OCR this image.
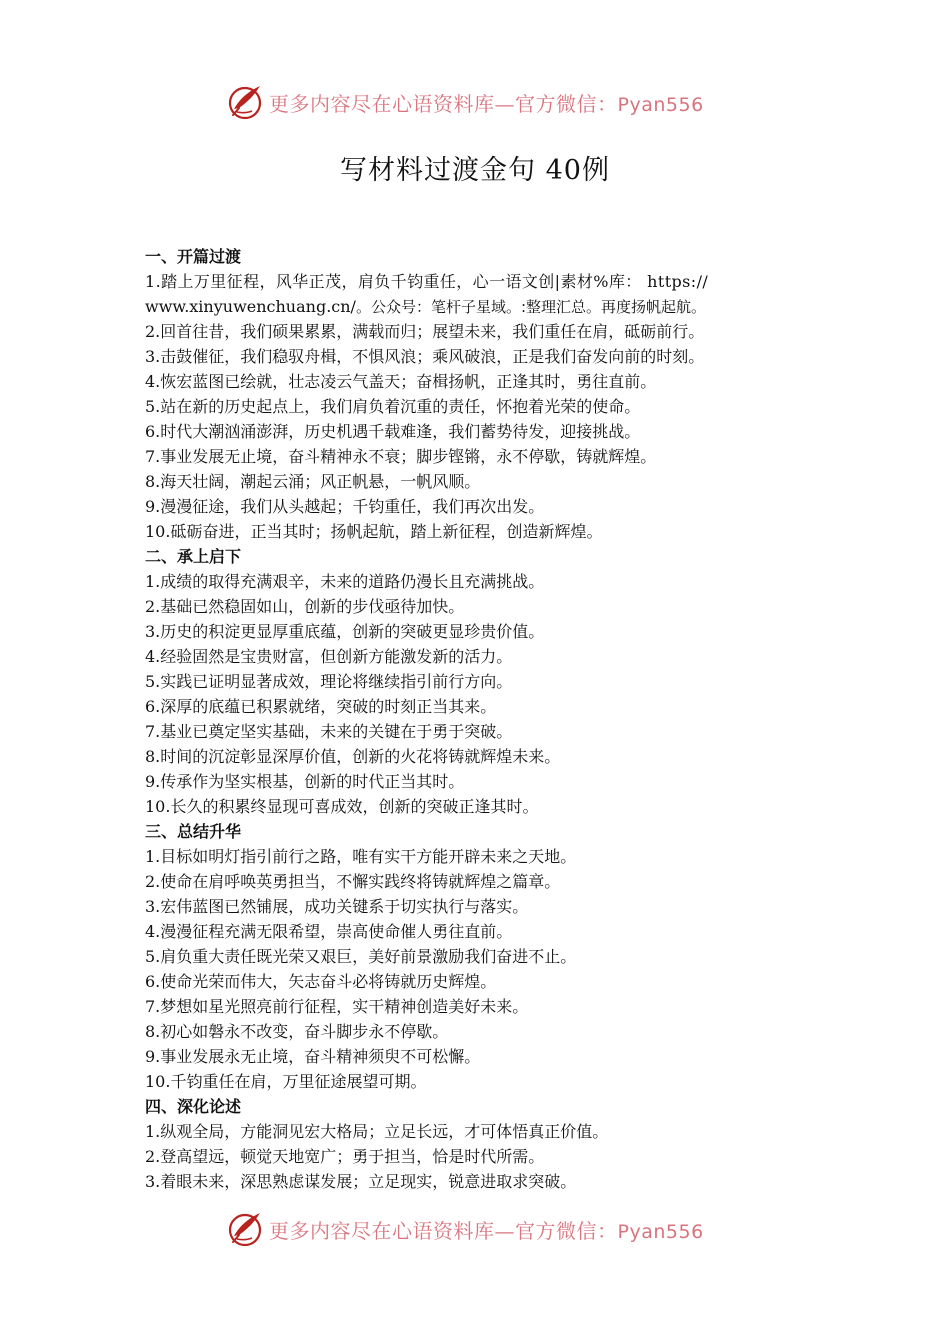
更多内容尽在心语资料库—官方微信：Pyan556
写材料过渡金句 40例
一、开篇过渡
1.踏上万里征程，风华正茂，肩负千钧重任，心一语文创|素材%库： https://
www.xinyuwenchuang.cn/。公众号：笔杆子星域。:整理汇总。再度扬帆起航。
2.回首往昔，我们硕果累累，满载而归；展望未来，我们重任在肩，砥砺前行。
3.击鼓催征，我们稳驭舟楫，不惧风浪；乘风破浪，正是我们奋发向前的时刻。
4.恢宏蓝图已绘就，壮志凌云气盖天；奋楫扬帆，正逢其时，勇往直前。
5.站在新的历史起点上，我们肩负着沉重的责任，怀抱着光荣的使命。
6.时代大潮汹涌澎湃，历史机遇千载难逢，我们蓄势待发，迎接挑战。
7.事业发展无止境，奋斗精神永不衰；脚步铿锵，永不停歇，铸就辉煌。
8.海天壮阔，潮起云涌；风正帆悬，一帆风顺。
9.漫漫征途，我们从头越起；千钧重任，我们再次出发。
10.砥砺奋进，正当其时；扬帆起航，踏上新征程，创造新辉煌。
二、承上启下
1.成绩的取得充满艰辛，未来的道路仍漫长且充满挑战。
2.基础已然稳固如山，创新的步伐亟待加快。
3.历史的积淀更显厚重底蕴，创新的突破更显珍贵价值。
4.经验固然是宝贵财富，但创新方能激发新的活力。
5.实践已证明显著成效，理论将继续指引前行方向。
6.深厚的底蕴已积累就绪，突破的时刻正当其来。
7.基业已奠定坚实基础，未来的关键在于勇于突破。
8.时间的沉淀彰显深厚价值，创新的火花将铸就辉煌未来。
9.传承作为坚实根基，创新的时代正当其时。
10.长久的积累终显现可喜成效，创新的突破正逢其时。
三、总结升华
1.目标如明灯指引前行之路，唯有实干方能开辟未来之天地。
2.使命在肩呼唤英勇担当，不懈实践终将铸就辉煌之篇章。
3.宏伟蓝图已然铺展，成功关键系于切实执行与落实。
4.漫漫征程充满无限希望，崇高使命催人勇往直前。
5.肩负重大责任既光荣又艰巨，美好前景激励我们奋进不止。
6.使命光荣而伟大，矢志奋斗必将铸就历史辉煌。
7.梦想如星光照亮前行征程，实干精神创造美好未来。
8.初心如磐永不改变，奋斗脚步永不停歇。
9.事业发展永无止境，奋斗精神须臾不可松懈。
10.千钧重任在肩，万里征途展望可期。
四、深化论述
1.纵观全局，方能洞见宏大格局；立足长远，才可体悟真正价值。
2.登高望远，顿觉天地宽广；勇于担当，恰是时代所需。
3.着眼未来，深思熟虑谋发展；立足现实，锐意进取求突破。
更多内容尽在心语资料库—官方微信：Pyan556
